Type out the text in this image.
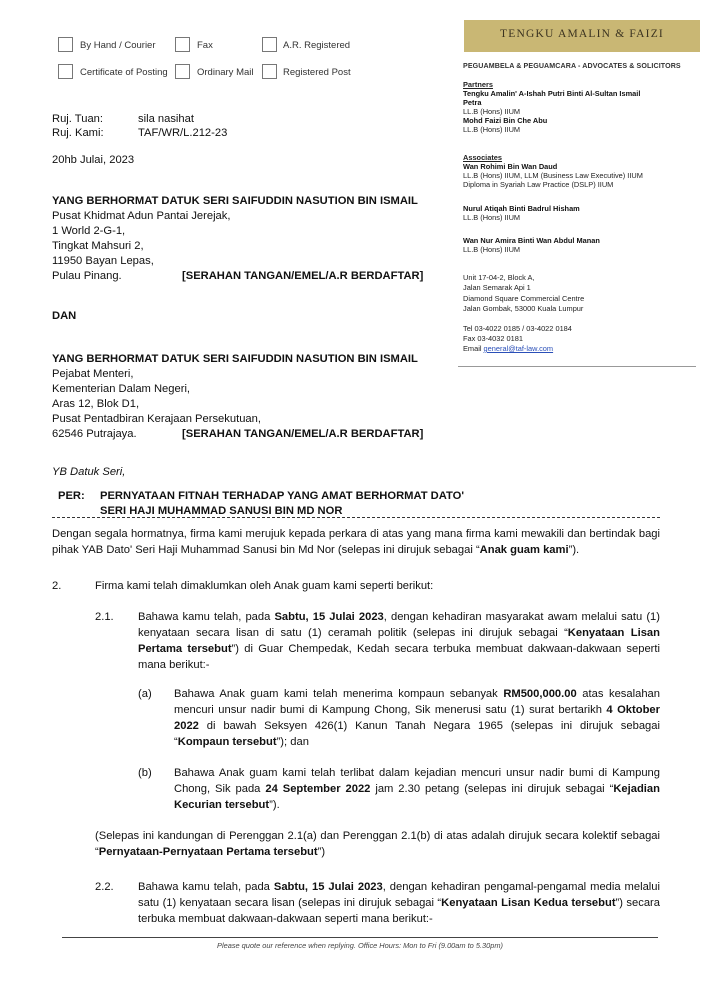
By Hand / Courier	Fax	A.R. Registered
Certificate of Posting	Ordinary Mail	Registered Post
TENGKU AMALIN & FAIZI
PEGUAMBELA & PEGUAMCARA - ADVOCATES & SOLICITORS
Partners
Tengku Amalin' A-Ishah Putri Binti Al-Sultan Ismail
Petra
LL.B (Hons) IIUM
Mohd Faizi Bin Che Abu
LL.B (Hons) IIUM
Associates
Wan Rohimi Bin Wan Daud
LL.B (Hons) IIUM, LLM (Business Law Executive) IIUM
Diploma in Syariah Law Practice (DSLP) IIUM
Nurul Atiqah Binti Badrul Hisham
LL.B (Hons) IIUM
Wan Nur Amira Binti Wan Abdul Manan
LL.B (Hons) IIUM
Unit 17-04-2, Block A,
Jalan Semarak Api 1
Diamond Square Commercial Centre
Jalan Gombak, 53000 Kuala Lumpur
Tel 03-4022 0185 / 03-4022 0184
Fax 03-4032 0181
Email general@taf-law.com
Ruj. Tuan:	sila nasihat
Ruj. Kami:	TAF/WR/L.212-23
20hb Julai, 2023
YANG BERHORMAT DATUK SERI SAIFUDDIN NASUTION BIN ISMAIL
Pusat Khidmat Adun Pantai Jerejak,
1 World 2-G-1,
Tingkat Mahsuri 2,
11950 Bayan Lepas,
Pulau Pinang.	[SERAHAN TANGAN/EMEL/A.R BERDAFTAR]
DAN
YANG BERHORMAT DATUK SERI SAIFUDDIN NASUTION BIN ISMAIL
Pejabat Menteri,
Kementerian Dalam Negeri,
Aras 12, Blok D1,
Pusat Pentadbiran Kerajaan Persekutuan,
62546 Putrajaya.	[SERAHAN TANGAN/EMEL/A.R BERDAFTAR]
YB Datuk Seri,
PER: PERNYATAAN FITNAH TERHADAP YANG AMAT BERHORMAT DATO'
SERI HAJI MUHAMMAD SANUSI BIN MD NOR
Dengan segala hormatnya, firma kami merujuk kepada perkara di atas yang mana firma kami mewakili dan bertindak bagi pihak YAB Dato' Seri Haji Muhammad Sanusi bin Md Nor (selepas ini dirujuk sebagai “Anak guam kami”).
2.	Firma kami telah dimaklumkan oleh Anak guam kami seperti berikut:
2.1. Bahawa kamu telah, pada Sabtu, 15 Julai 2023, dengan kehadiran masyarakat awam melalui satu (1) kenyataan secara lisan di satu (1) ceramah politik (selepas ini dirujuk sebagai “Kenyataan Lisan Pertama tersebut”) di Guar Chempedak, Kedah secara terbuka membuat dakwaan-dakwaan seperti mana berikut:-
(a) Bahawa Anak guam kami telah menerima kompaun sebanyak RM500,000.00 atas kesalahan mencuri unsur nadir bumi di Kampung Chong, Sik menerusi satu (1) surat bertarikh 4 Oktober 2022 di bawah Seksyen 426(1) Kanun Tanah Negara 1965 (selepas ini dirujuk sebagai “Kompaun tersebut”); dan
(b) Bahawa Anak guam kami telah terlibat dalam kejadian mencuri unsur nadir bumi di Kampung Chong, Sik pada 24 September 2022 jam 2.30 petang (selepas ini dirujuk sebagai “Kejadian Kecurian tersebut”).
(Selepas ini kandungan di Perenggan 2.1(a) dan Perenggan 2.1(b) di atas adalah dirujuk secara kolektif sebagai “Pernyataan-Pernyataan Pertama tersebut”)
2.2. Bahawa kamu telah, pada Sabtu, 15 Julai 2023, dengan kehadiran pengamal-pengamal media melalui satu (1) kenyataan secara lisan (selepas ini dirujuk sebagai “Kenyataan Lisan Kedua tersebut”) secara terbuka membuat dakwaan-dakwaan seperti mana berikut:-
Please quote our reference when replying. Office Hours: Mon to Fri (9.00am to 5.30pm)
